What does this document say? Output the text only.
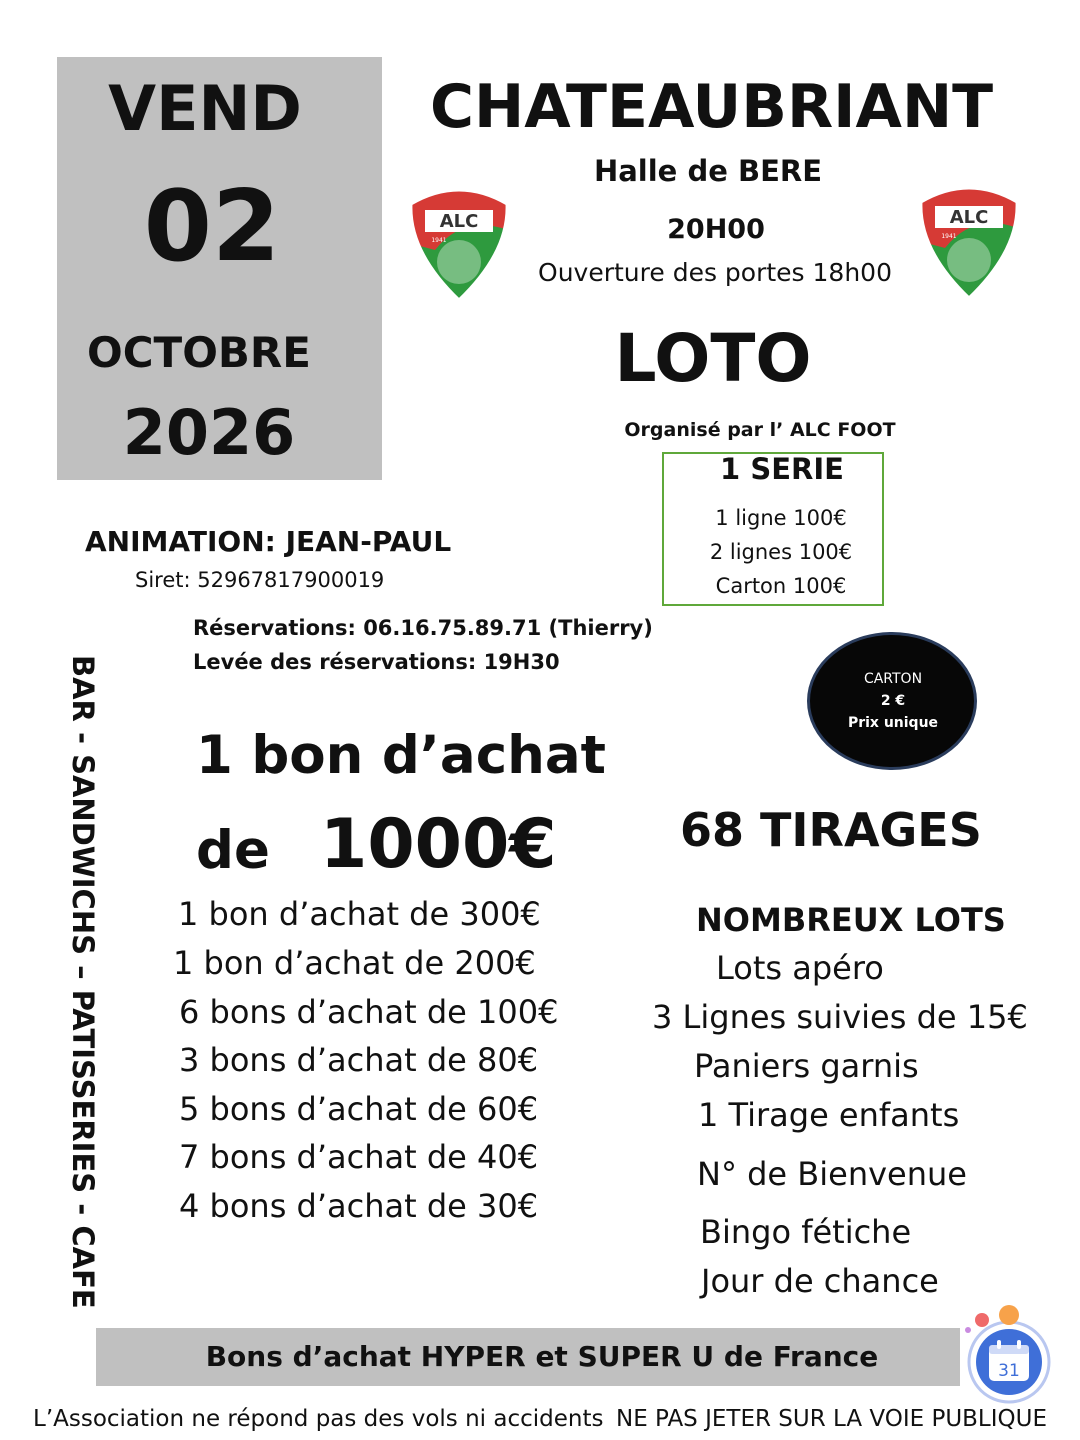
VEND
02
OCTOBRE
2026
CHATEAUBRIANT
Halle de BERE
20H00
Ouverture des portes 18h00
LOTO
Organisé par l’ ALC FOOT
ALC
1941
ALC
1941
1 SERIE
1 ligne 100€
2 lignes 100€
Carton 100€
ANIMATION: JEAN-PAUL
Siret: 52967817900019
Réservations: 06.16.75.89.71 (Thierry)
Levée des réservations: 19H30
CARTON
2 €
Prix unique
BAR - SANDWICHS – PATISSERIES - CAFE 1 bon d’achat
de 1000€
1 bon d’achat de 300€
1 bon d’achat de 200€
6 bons d’achat de 100€
3 bons d’achat de 80€
5 bons d’achat de 60€
7 bons d’achat de 40€
4 bons d’achat de 30€
68 TIRAGES
NOMBREUX LOTS
Lots apéro
3 Lignes suivies de 15€
Paniers garnis
1 Tirage enfants
N° de Bienvenue
Bingo fétiche
Jour de chance
Bons d’achat HYPER et SUPER U de France
L’Association ne répond pas des vols ni accidents NE PAS JETER SUR LA VOIE PUBLIQUE
31
